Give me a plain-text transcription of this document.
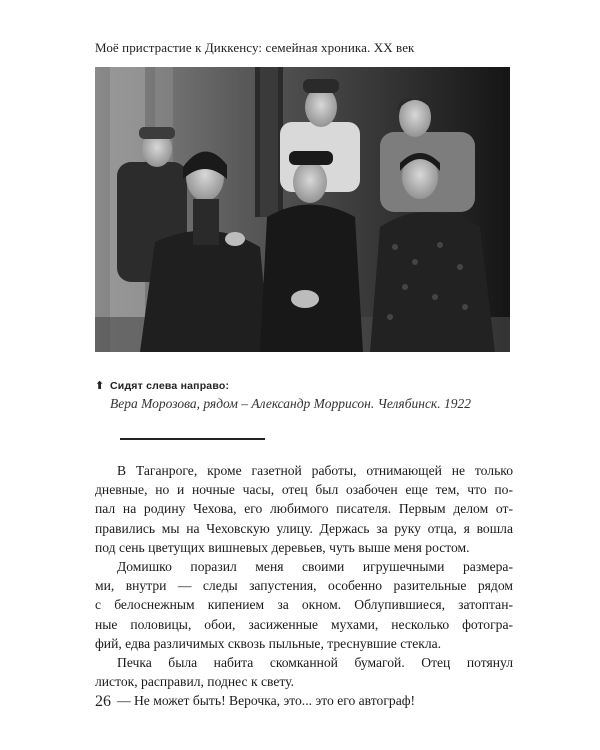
Моё пристрастие к Диккенсу: семейная хроника. XX век
⬆ Сидят слева направо:
Вера Морозова, рядом – Александр Моррисон. Челябинск. 1922
В Таганроге, кроме газетной работы, отнимающей не только
дневные, но и ночные часы, отец был озабочен еще тем, что по-
пал на родину Чехова, его любимого писателя. Первым делом от-
правились мы на Чеховскую улицу. Держась за руку отца, я вошла
под сень цветущих вишневых деревьев, чуть выше меня ростом.
Домишко поразил меня своими игрушечными размера-
ми, внутри — следы запустения, особенно разительные рядом
с белоснежным кипением за окном. Облупившиеся, затоптан-
ные половицы, обои, засиженные мухами, несколько фотогра-
фий, едва различимых сквозь пыльные, треснувшие стекла.
Печка была набита скомканной бумагой. Отец потянул
листок, расправил, поднес к свету.
— Не может быть! Верочка, это... это его автограф!
26
